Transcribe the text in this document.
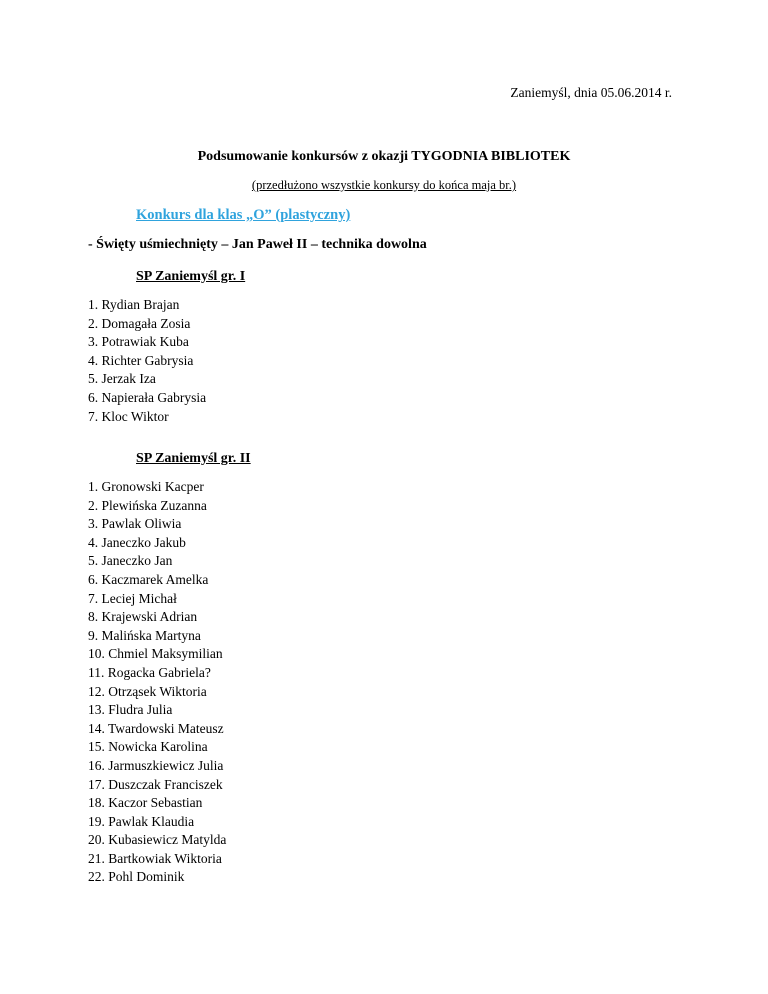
Zaniemyśl, dnia 05.06.2014 r.
Podsumowanie konkursów z okazji TYGODNIA BIBLIOTEK
(przedłużono wszystkie konkursy do końca maja br.)
Konkurs dla klas „O” (plastyczny)
- Święty uśmiechnięty – Jan Paweł II – technika dowolna
SP Zaniemyśl gr. I
1. Rydian Brajan
2. Domagała Zosia
3. Potrawiak Kuba
4. Richter Gabrysia
5. Jerzak Iza
6. Napierała Gabrysia
7. Kloc Wiktor
SP Zaniemyśl gr. II
1. Gronowski Kacper
2. Plewińska Zuzanna
3. Pawlak Oliwia
4. Janeczko Jakub
5. Janeczko Jan
6. Kaczmarek Amelka
7. Leciej Michał
8. Krajewski Adrian
9. Malińska Martyna
10. Chmiel Maksymilian
11. Rogacka Gabriela?
12. Otrząsek Wiktoria
13. Fludra Julia
14. Twardowski Mateusz
15. Nowicka Karolina
16. Jarmuszkiewicz Julia
17. Duszczak Franciszek
18. Kaczor Sebastian
19. Pawlak Klaudia
20. Kubasiewicz Matylda
21. Bartkowiak Wiktoria
22. Pohl Dominik
